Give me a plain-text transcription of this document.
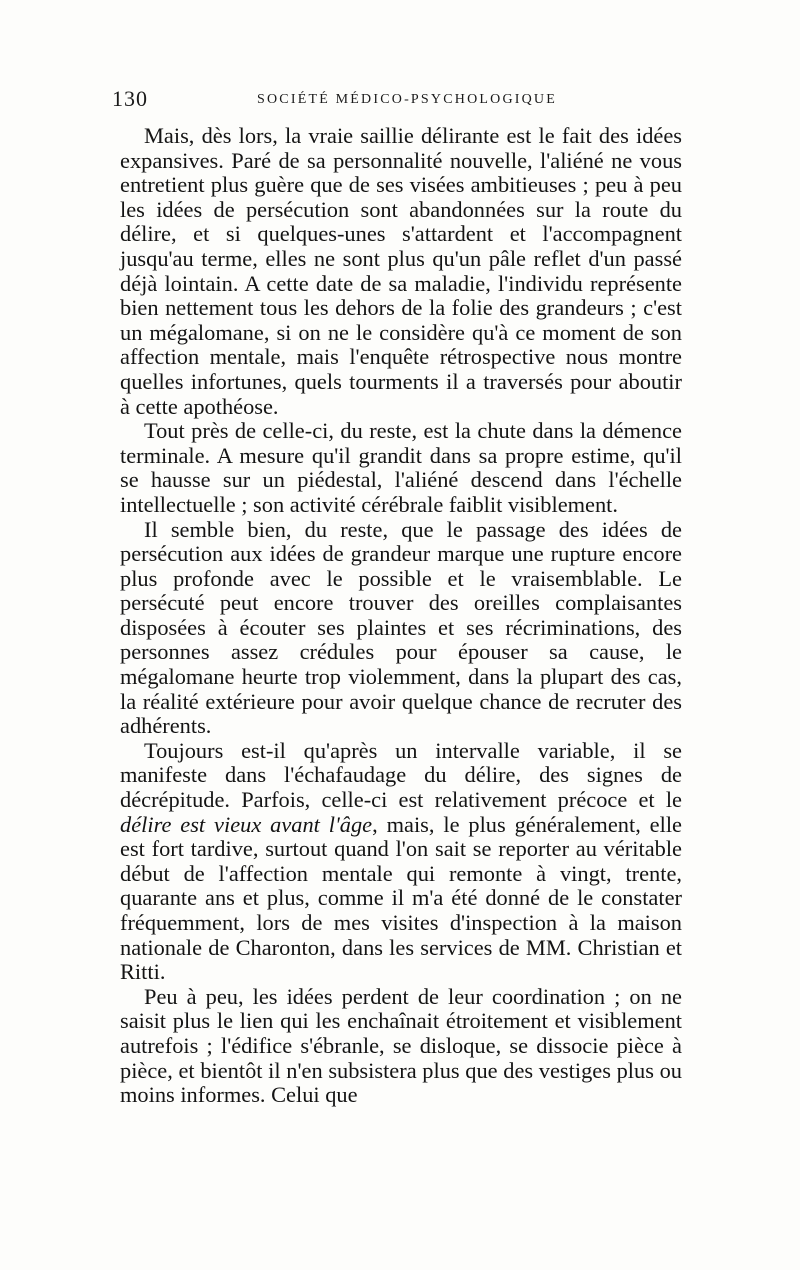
130	SOCIÉTÉ MÉDICO-PSYCHOLOGIQUE

Mais, dès lors, la vraie saillie délirante est le fait des idées expansives. Paré de sa personnalité nouvelle, l'aliéné ne vous entretient plus guère que de ses visées ambitieuses ; peu à peu les idées de persécution sont abandonnées sur la route du délire, et si quelques-unes s'attardent et l'accompagnent jusqu'au terme, elles ne sont plus qu'un pâle reflet d'un passé déjà lointain. A cette date de sa maladie, l'individu représente bien nettement tous les dehors de la folie des grandeurs ; c'est un mégalomane, si on ne le considère qu'à ce moment de son affection mentale, mais l'enquête rétrospective nous montre quelles infortunes, quels tourments il a traversés pour aboutir à cette apothéose.

Tout près de celle-ci, du reste, est la chute dans la démence terminale. A mesure qu'il grandit dans sa propre estime, qu'il se hausse sur un piédestal, l'aliéné descend dans l'échelle intellectuelle ; son activité cérébrale faiblit visiblement.

Il semble bien, du reste, que le passage des idées de persécution aux idées de grandeur marque une rupture encore plus profonde avec le possible et le vraisemblable. Le persécuté peut encore trouver des oreilles complaisantes disposées à écouter ses plaintes et ses récriminations, des personnes assez crédules pour épouser sa cause, le mégalomane heurte trop violemment, dans la plupart des cas, la réalité extérieure pour avoir quelque chance de recruter des adhérents.

Toujours est-il qu'après un intervalle variable, il se manifeste dans l'échafaudage du délire, des signes de décrépitude. Parfois, celle-ci est relativement précoce et le délire est vieux avant l'âge, mais, le plus généralement, elle est fort tardive, surtout quand l'on sait se reporter au véritable début de l'affection mentale qui remonte à vingt, trente, quarante ans et plus, comme il m'a été donné de le constater fréquemment, lors de mes visites d'inspection à la maison nationale de Charonton, dans les services de MM. Christian et Ritti.

Peu à peu, les idées perdent de leur coordination ; on ne saisit plus le lien qui les enchaînait étroitement et visiblement autrefois ; l'édifice s'ébranle, se disloque, se dissocie pièce à pièce, et bientôt il n'en subsistera plus que des vestiges plus ou moins informes. Celui que
